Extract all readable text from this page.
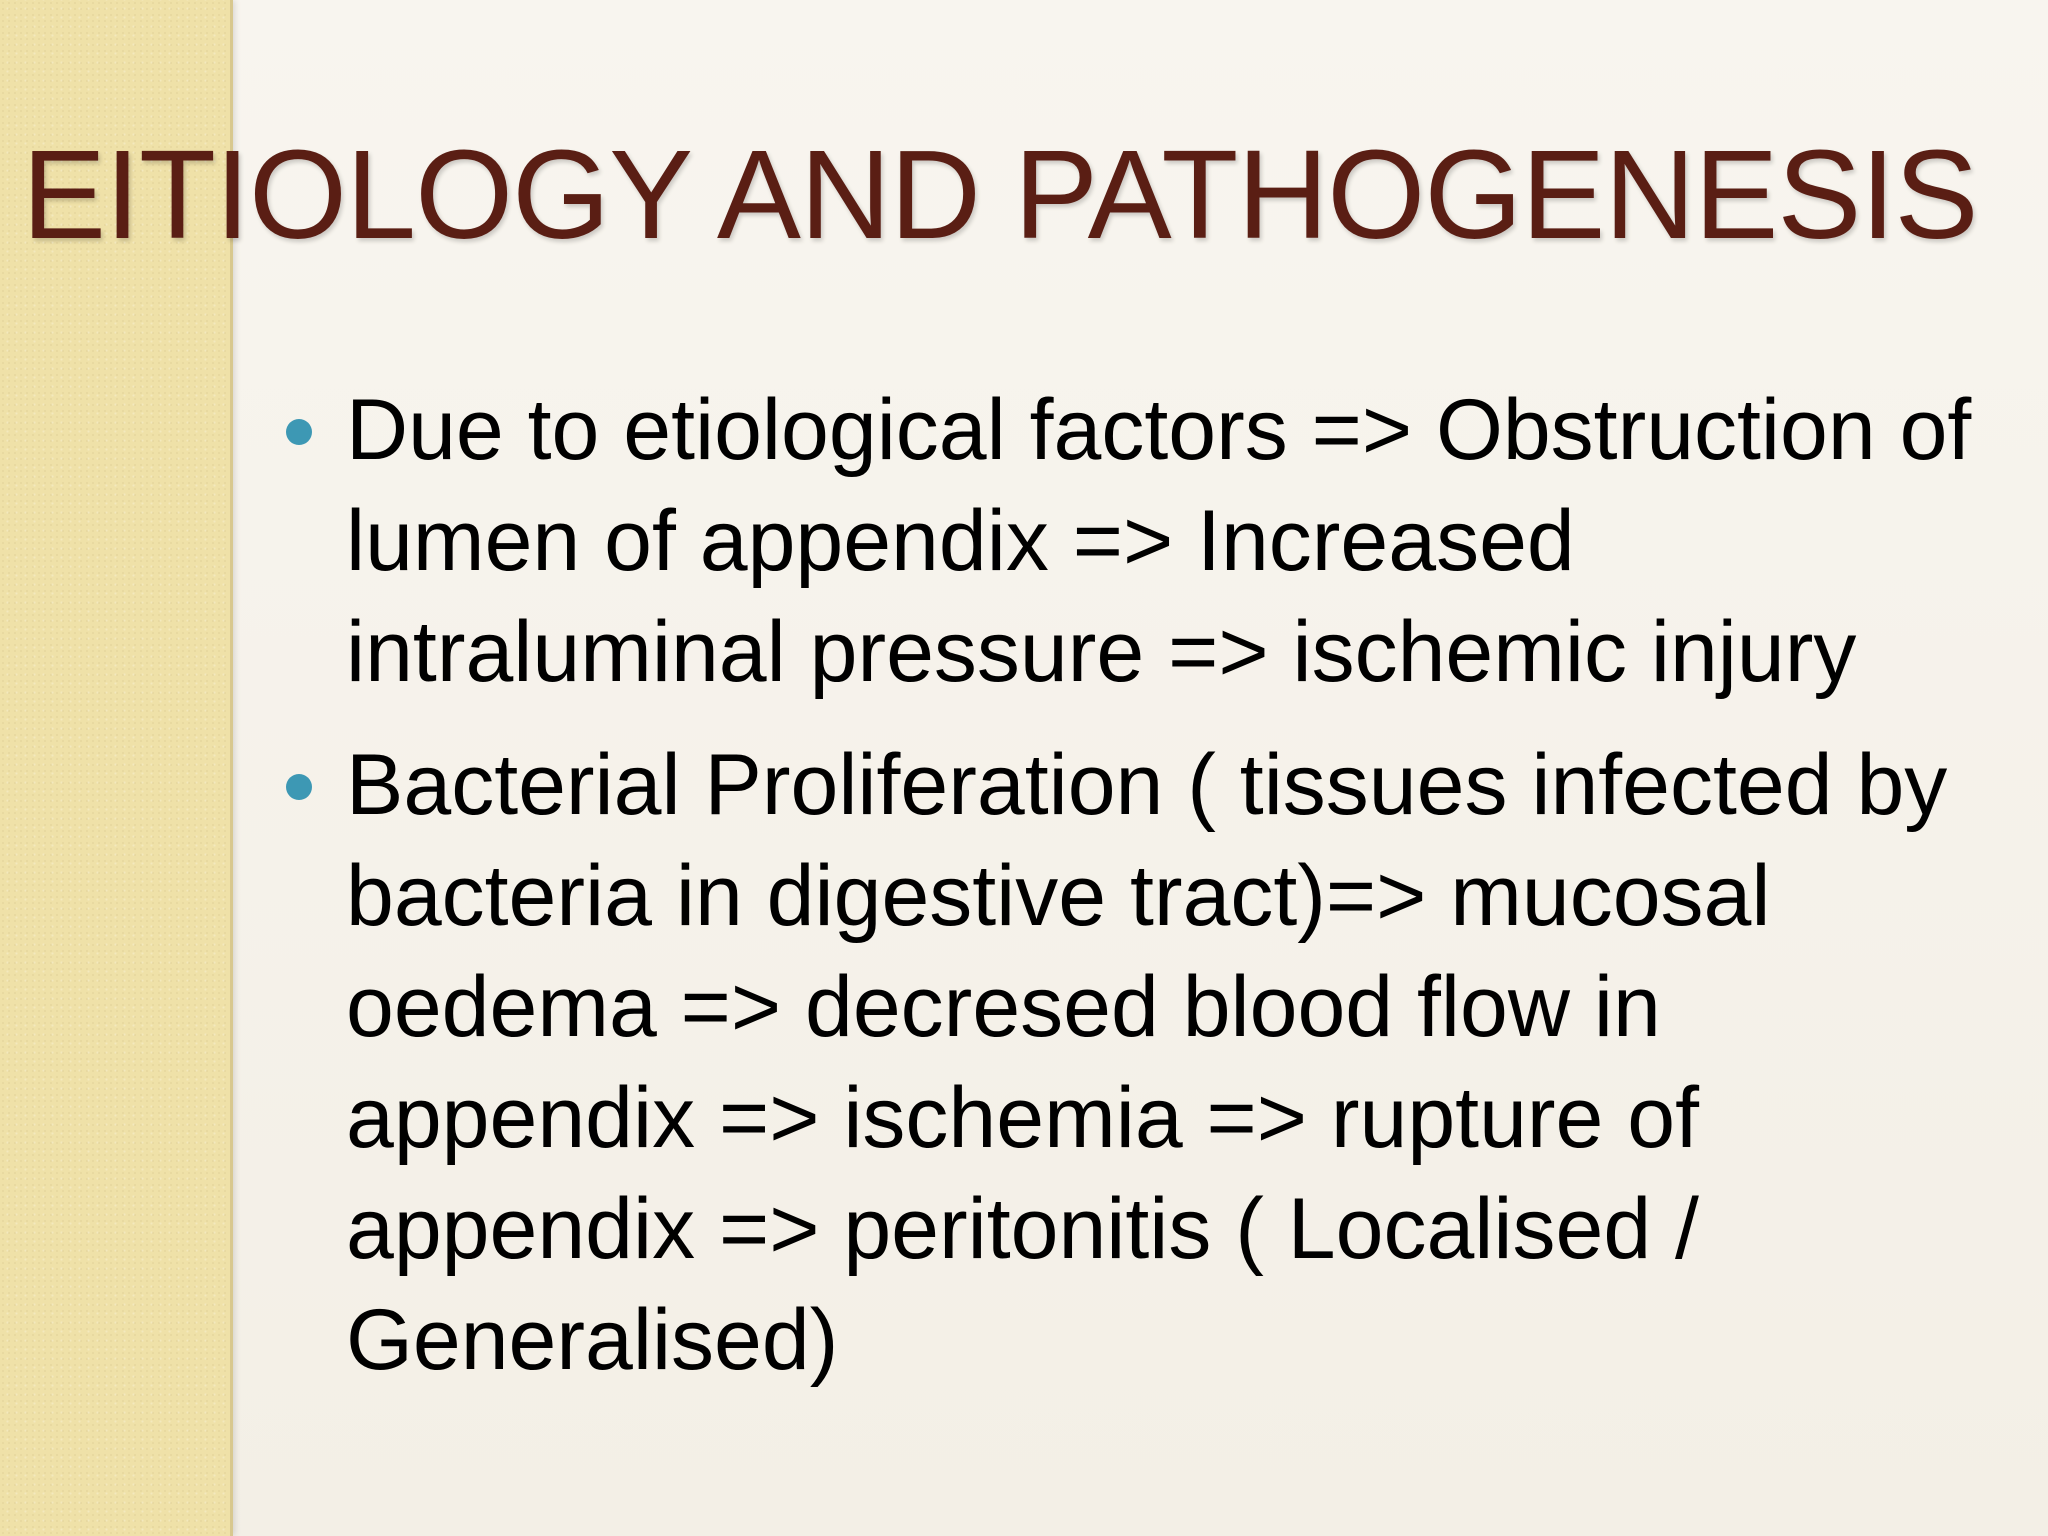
EITIOLOGY AND PATHOGENESIS
Due to etiological factors => Obstruction of lumen of appendix => Increased intraluminal pressure => ischemic injury
Bacterial Proliferation ( tissues infected by bacteria in digestive tract)=> mucosal oedema => decresed blood flow in appendix => ischemia => rupture of appendix => peritonitis ( Localised / Generalised)
